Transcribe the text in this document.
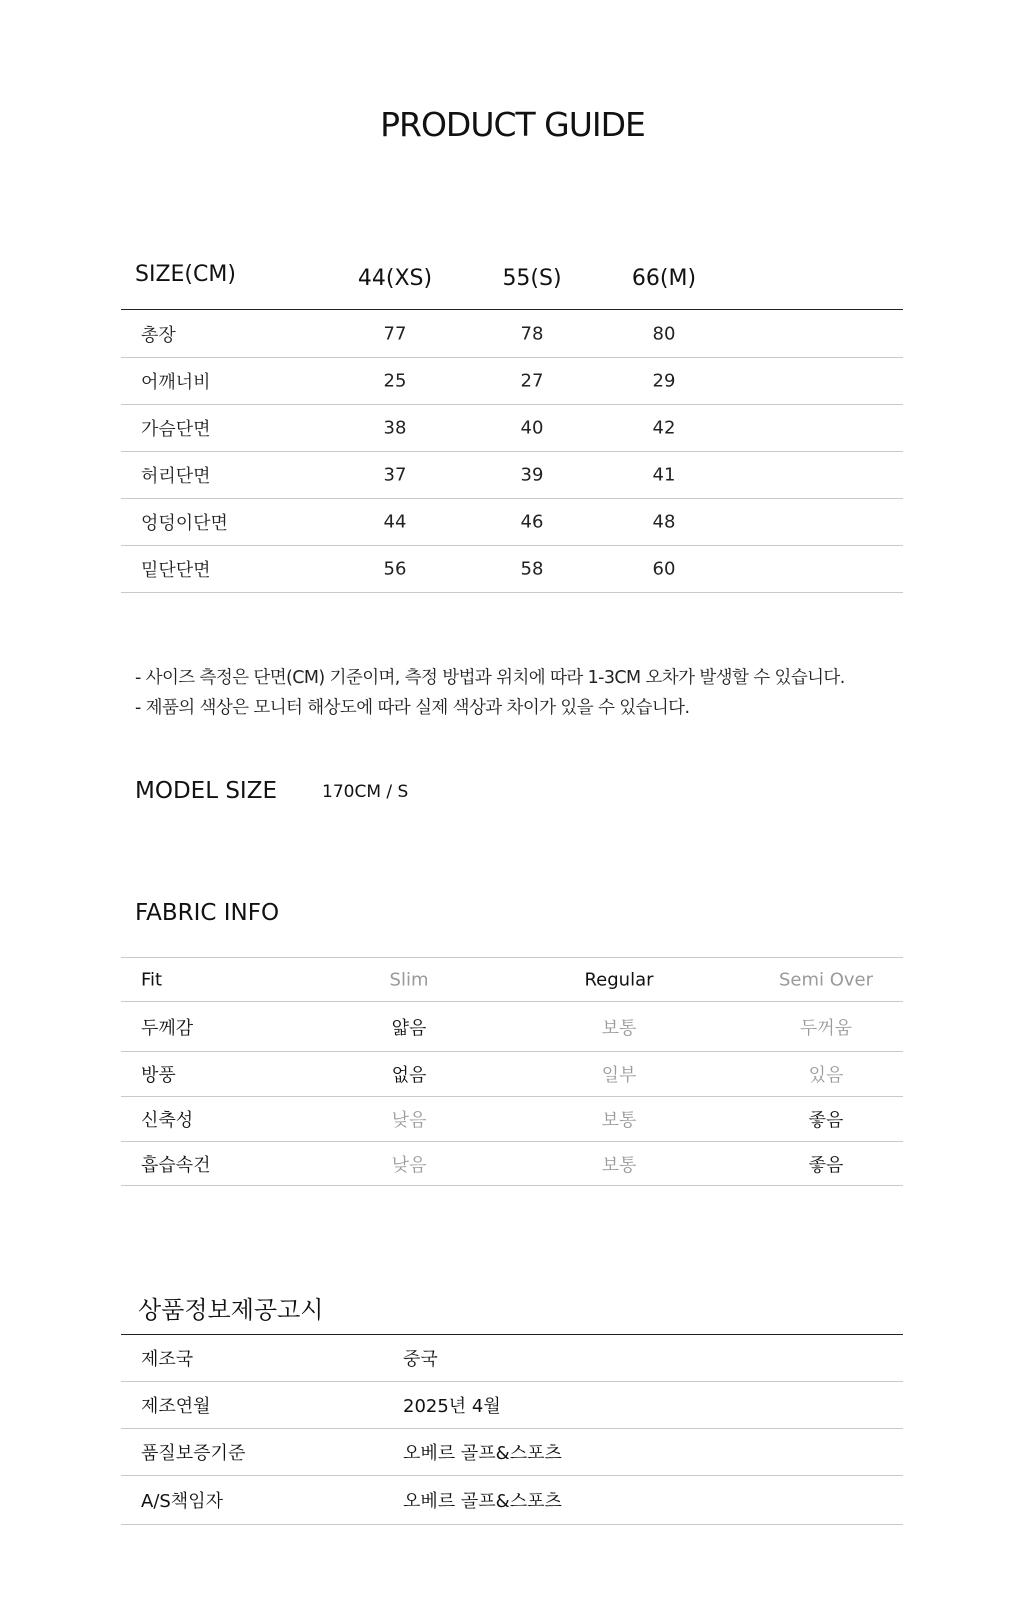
PRODUCT GUIDE
SIZE(CM)	44(XS)	55(S)	66(M)
총장	77	78	80
어깨너비	25	27	29
가슴단면	38	40	42
허리단면	37	39	41
엉덩이단면	44	46	48
밑단단면	56	58	60
- 사이즈 측정은 단면(CM) 기준이며, 측정 방법과 위치에 따라 1-3CM 오차가 발생할 수 있습니다.
- 제품의 색상은 모니터 해상도에 따라 실제 색상과 차이가 있을 수 있습니다.
MODEL SIZE	170CM / S
FABRIC INFO
Fit	Slim	Regular	Semi Over
두께감	얇음	보통	두꺼움
방풍	없음	일부	있음
신축성	낮음	보통	좋음
흡습속건	낮음	보통	좋음
상품정보제공고시
제조국	중국
제조연월	2025년 4월
품질보증기준	오베르 골프&스포츠
A/S책임자	오베르 골프&스포츠
